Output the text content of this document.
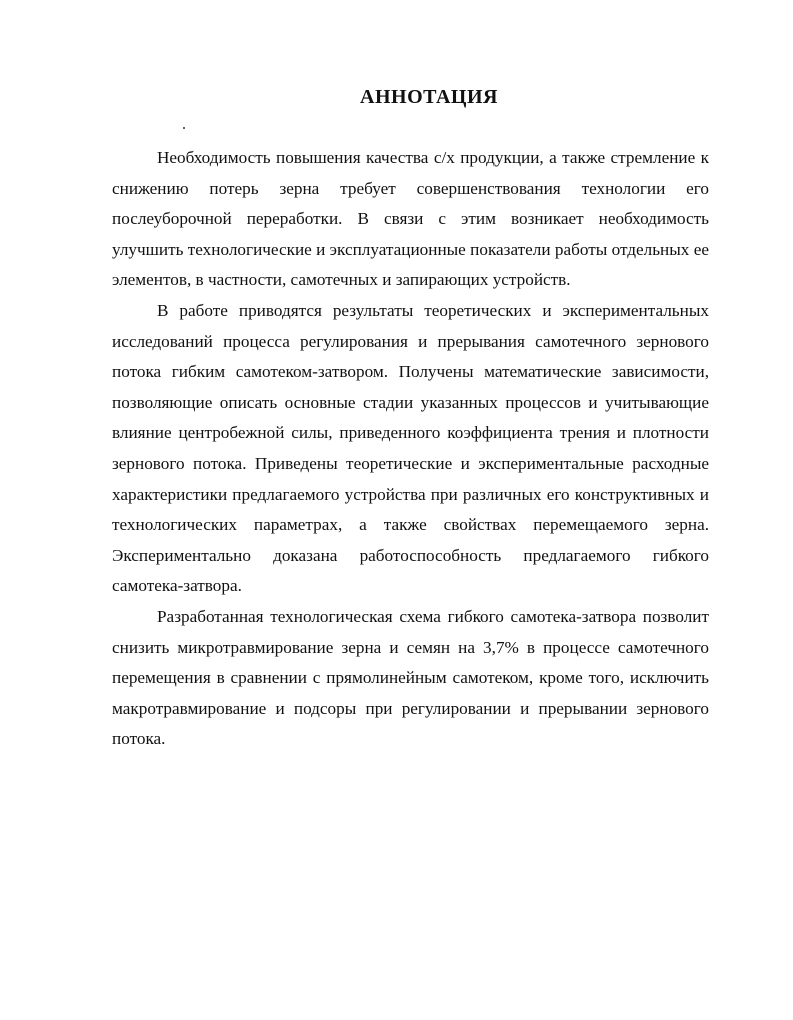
АННОТАЦИЯ

Необходимость повышения качества с/х продукции, а также стремление к снижению потерь зерна требует совершенствования технологии его послеуборочной переработки. В связи с этим возникает необходимость улучшить технологические и эксплуатационные показатели работы отдельных ее элементов, в частности, самотечных и запирающих устройств.

В работе приводятся результаты теоретических и экспериментальных исследований процесса регулирования и прерывания самотечного зернового потока гибким самотеком-затвором. Получены математические зависимости, позволяющие описать основные стадии указанных процессов и учитывающие влияние центробежной силы, приведенного коэффициента трения и плотности зернового потока. Приведены теоретические и экспериментальные расходные характеристики предлагаемого устройства при различных его конструктивных и технологических параметрах, а также свойствах перемещаемого зерна. Экспериментально доказана работоспособность предлагаемого гибкого самотека-затвора.

Разработанная технологическая схема гибкого самотека-затвора позволит снизить микротравмирование зерна и семян на 3,7% в процессе самотечного перемещения в сравнении с прямолинейным самотеком, кроме того, исключить макротравмирование и подсоры при регулировании и прерывании зернового потока.
